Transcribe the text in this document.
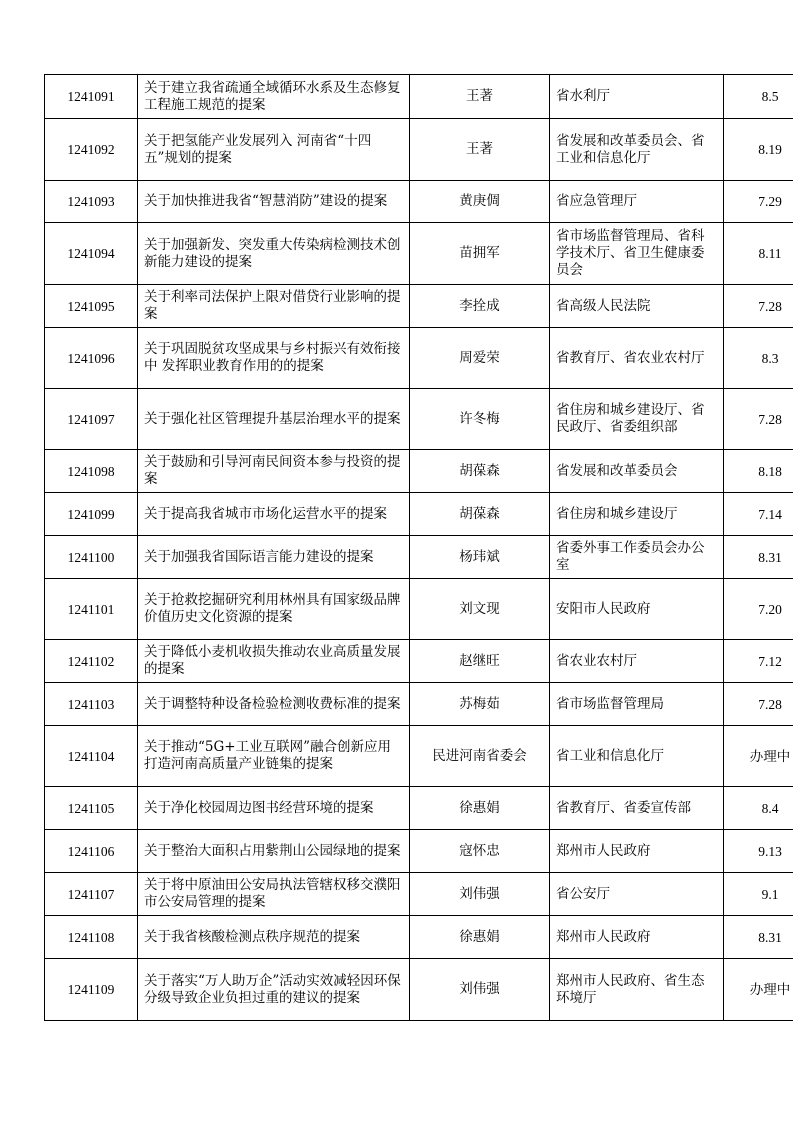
1241091	关于建立我省疏通全域循环水系及生态修复工程施工规范的提案	王著	省水利厅	8.5

1241092	关于把氢能产业发展列入 河南省“十四五”规划的提案	王著	省发展和改革委员会、省工业和信息化厅	8.19

1241093	关于加快推进我省“智慧消防”建设的提案	黄庚倜	省应急管理厅	7.29

1241094	关于加强新发、突发重大传染病检测技术创新能力建设的提案	苗拥军	省市场监督管理局、省科学技术厅、省卫生健康委员会	8.11

1241095	关于利率司法保护上限对借贷行业影响的提案	李拴成	省高级人民法院	7.28

1241096	关于巩固脱贫攻坚成果与乡村振兴有效衔接中 发挥职业教育作用的的提案	周爱荣	省教育厅、省农业农村厅	8.3

1241097	关于强化社区管理提升基层治理水平的提案	许冬梅	省住房和城乡建设厅、省民政厅、省委组织部	7.28

1241098	关于鼓励和引导河南民间资本参与投资的提案	胡葆森	省发展和改革委员会	8.18

1241099	关于提高我省城市市场化运营水平的提案	胡葆森	省住房和城乡建设厅	7.14

1241100	关于加强我省国际语言能力建设的提案	杨玮斌	省委外事工作委员会办公室	8.31

1241101	关于抢救挖掘研究利用林州具有国家级品牌价值历史文化资源的提案	刘文现	安阳市人民政府	7.20

1241102	关于降低小麦机收损失推动农业高质量发展的提案	赵继旺	省农业农村厅	7.12

1241103	关于调整特种设备检验检测收费标准的提案	苏梅茹	省市场监督管理局	7.28

1241104	关于推动“5G+工业互联网”融合创新应用 打造河南高质量产业链集的提案	民进河南省委会	省工业和信息化厅	办理中

1241105	关于净化校园周边图书经营环境的提案	徐惠娟	省教育厅、省委宣传部	8.4

1241106	关于整治大面积占用紫荆山公园绿地的提案	寇怀忠	郑州市人民政府	9.13

1241107	关于将中原油田公安局执法管辖权移交濮阳市公安局管理的提案	刘伟强	省公安厅	9.1

1241108	关于我省核酸检测点秩序规范的提案	徐惠娟	郑州市人民政府	8.31

1241109	关于落实“万人助万企”活动实效减轻因环保分级导致企业负担过重的建议的提案	刘伟强	郑州市人民政府、省生态环境厅	办理中
